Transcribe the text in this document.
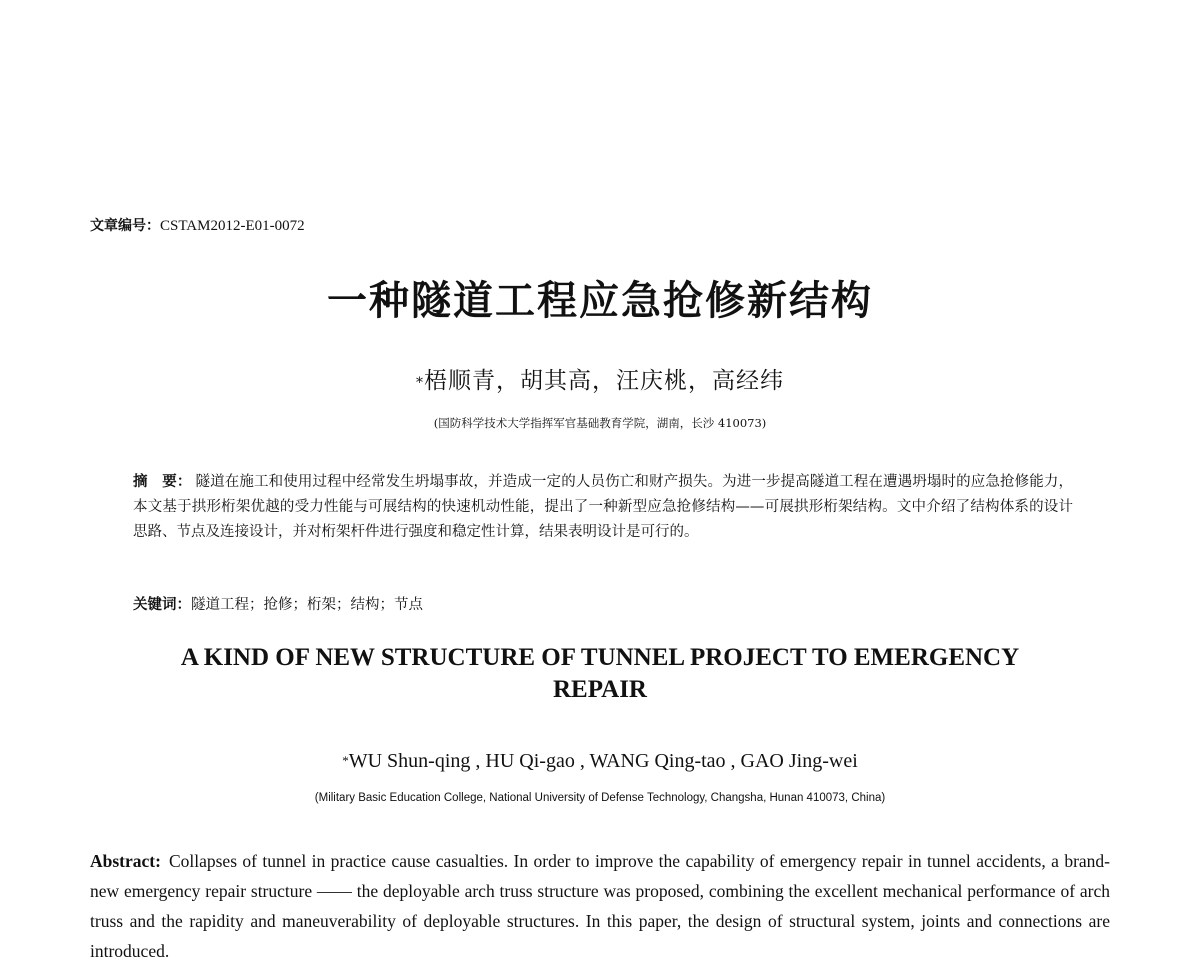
文章编号：CSTAM2012-E01-0072
一种隧道工程应急抢修新结构
*梧顺青，胡其高，汪庆桃，高经纬
(国防科学技术大学指挥军官基础教育学院，湖南，长沙 410073)
摘　要： 隧道在施工和使用过程中经常发生坍塌事故，并造成一定的人员伤亡和财产损失。为进一步提高隧道工程在遭遇坍塌时的应急抢修能力，本文基于拱形桁架优越的受力性能与可展结构的快速机动性能，提出了一种新型应急抢修结构——可展拱形桁架结构。文中介绍了结构体系的设计思路、节点及连接设计，并对桁架杆件进行强度和稳定性计算，结果表明设计是可行的。
关键词：隧道工程；抢修；桁架；结构；节点
A KIND OF NEW STRUCTURE OF TUNNEL PROJECT TO EMERGENCY REPAIR
*WU Shun-qing , HU Qi-gao , WANG Qing-tao , GAO Jing-wei
(Military Basic Education College, National University of Defense Technology, Changsha, Hunan 410073, China)
Abstract: Collapses of tunnel in practice cause casualties. In order to improve the capability of emergency repair in tunnel accidents, a brand-new emergency repair structure —— the deployable arch truss structure was proposed, combining the excellent mechanical performance of arch truss and the rapidity and maneuverability of deployable structures. In this paper, the design of structural system, joints and connections are introduced.
